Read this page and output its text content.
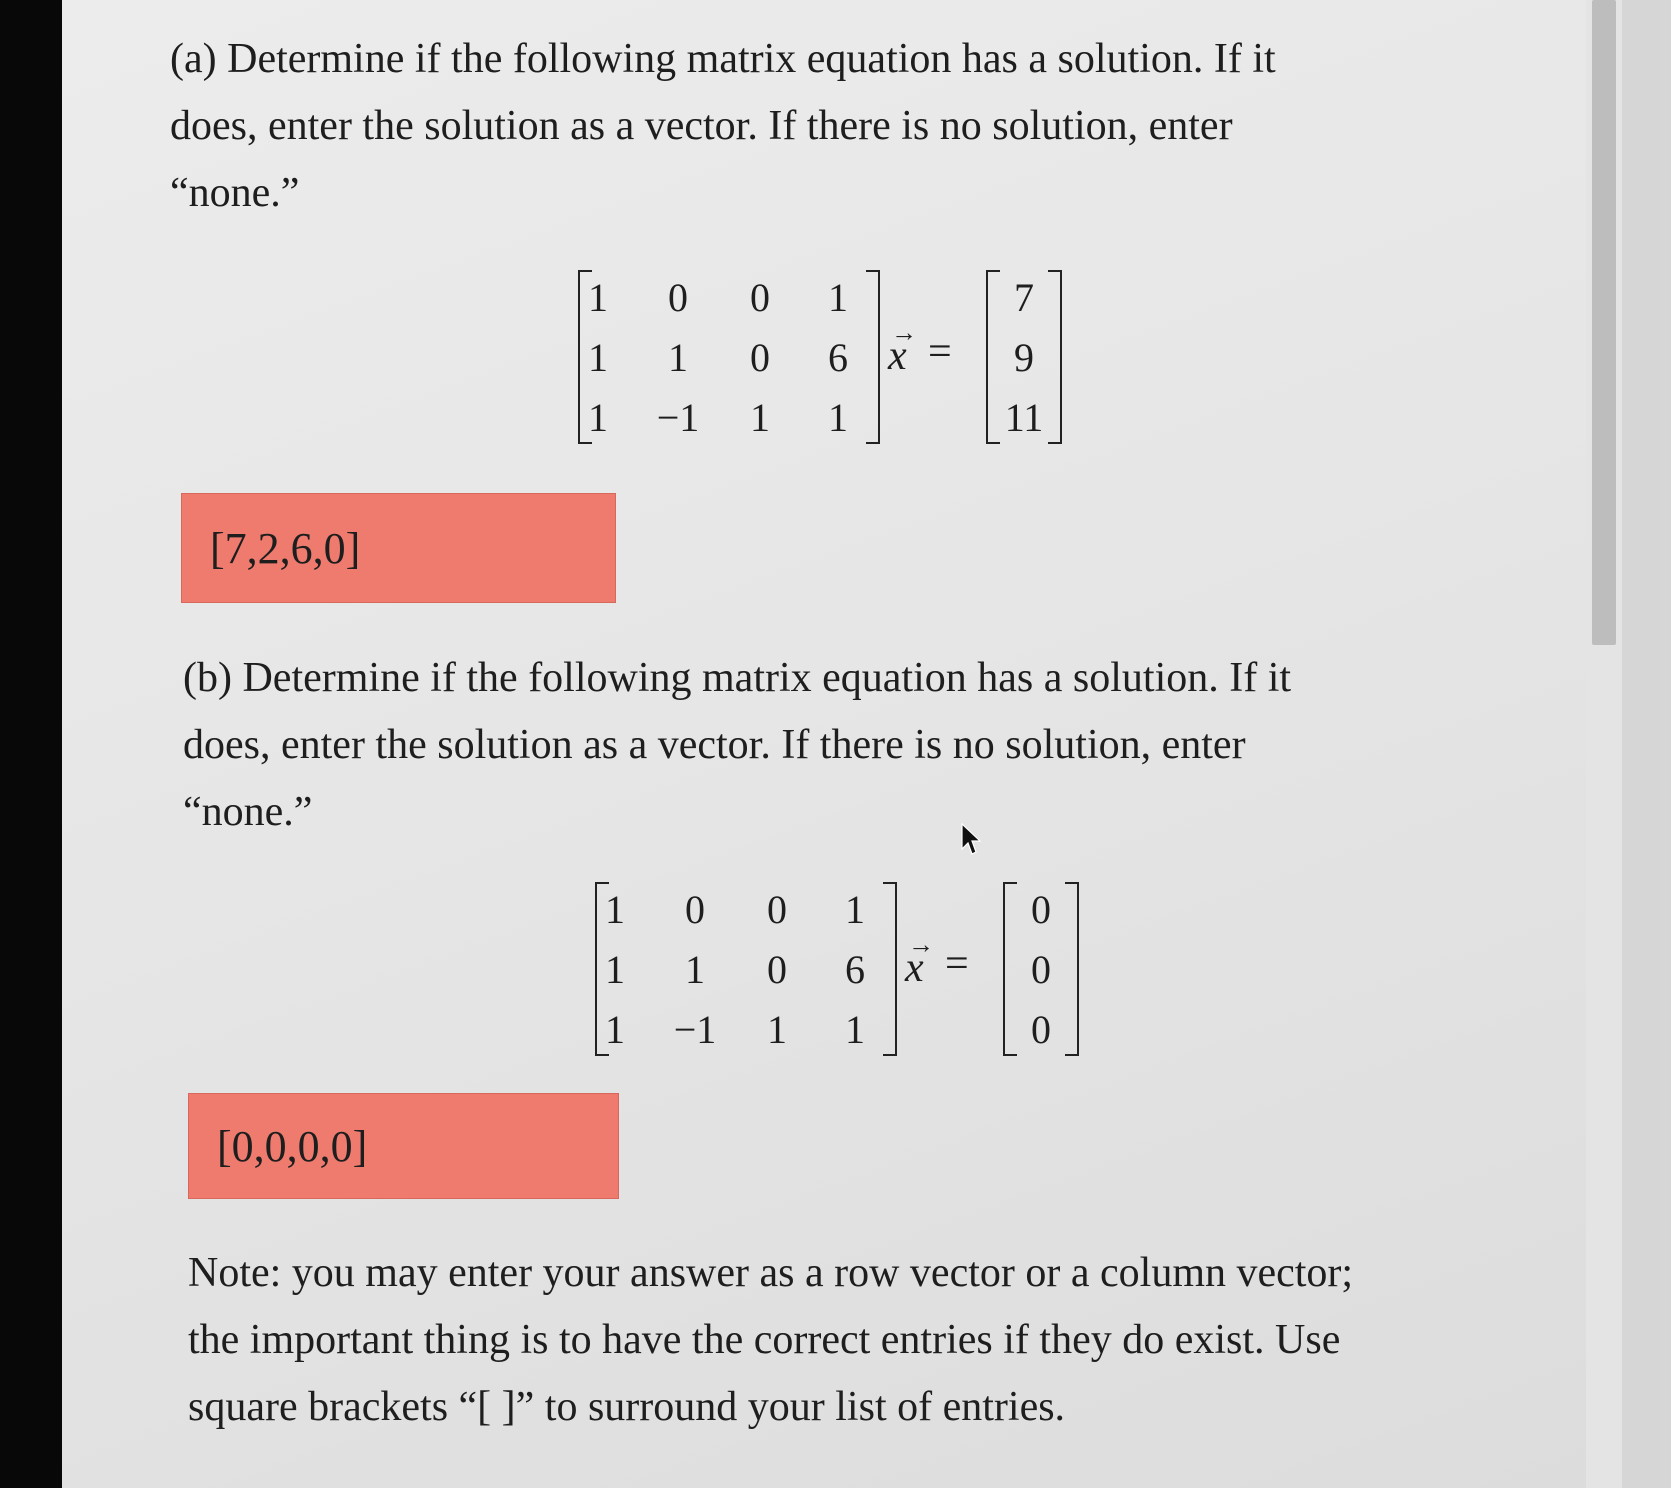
(a) Determine if the following matrix equation has a solution. If it
does, enter the solution as a vector. If there is no solution, enter
“none.”

1	0	0	1
1	1	0	6
1	−1	1	1
→
x =
7
9
11
[7,2,6,0]

(b) Determine if the following matrix equation has a solution. If it
does, enter the solution as a vector. If there is no solution, enter
“none.”

1	0	0	1
1	1	0	6
1	−1	1	1
→
x =
0
0
0
[0,0,0,0]

Note: you may enter your answer as a row vector or a column vector;
the important thing is to have the correct entries if they do exist. Use
square brackets “[ ]” to surround your list of entries.
